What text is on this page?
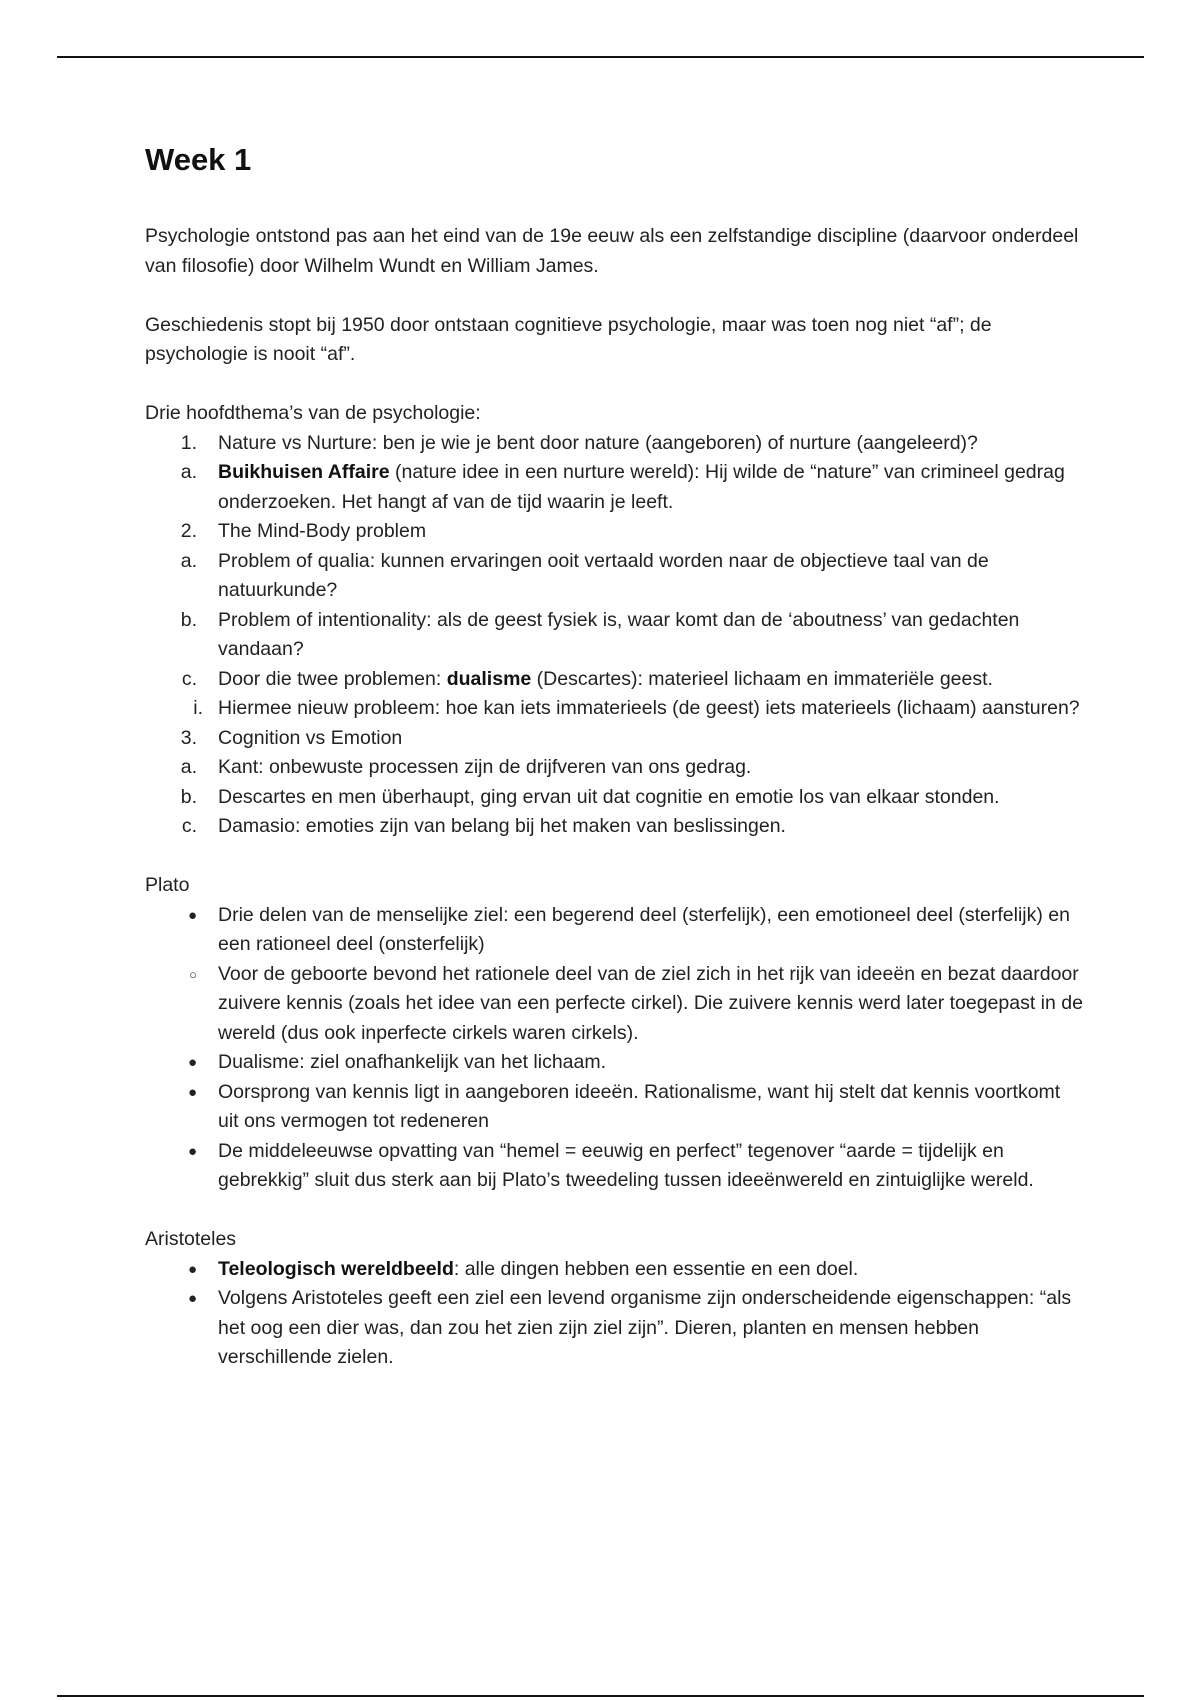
Week 1

Psychologie ontstond pas aan het eind van de 19e eeuw als een zelfstandige discipline (daarvoor onderdeel van filosofie) door Wilhelm Wundt en William James.

Geschiedenis stopt bij 1950 door ontstaan cognitieve psychologie, maar was toen nog niet “af”; de psychologie is nooit “af”.

Drie hoofdthema’s van de psychologie:
1. Nature vs Nurture: ben je wie je bent door nature (aangeboren) of nurture (aangeleerd)?
a. Buikhuisen Affaire (nature idee in een nurture wereld): Hij wilde de “nature” van crimineel gedrag onderzoeken. Het hangt af van de tijd waarin je leeft.
2. The Mind-Body problem
a. Problem of qualia: kunnen ervaringen ooit vertaald worden naar de objectieve taal van de natuurkunde?
b. Problem of intentionality: als de geest fysiek is, waar komt dan de ‘aboutness’ van gedachten vandaan?
c. Door die twee problemen: dualisme (Descartes): materieel lichaam en immateriële geest.
i. Hiermee nieuw probleem: hoe kan iets immaterieels (de geest) iets materieels (lichaam) aansturen?
3. Cognition vs Emotion
a. Kant: onbewuste processen zijn de drijfveren van ons gedrag.
b. Descartes en men überhaupt, ging ervan uit dat cognitie en emotie los van elkaar stonden.
c. Damasio: emoties zijn van belang bij het maken van beslissingen.
Plato
● Drie delen van de menselijke ziel: een begerend deel (sterfelijk), een emotioneel deel (sterfelijk) en een rationeel deel (onsterfelijk)
○ Voor de geboorte bevond het rationele deel van de ziel zich in het rijk van ideeën en bezat daardoor zuivere kennis (zoals het idee van een perfecte cirkel). Die zuivere kennis werd later toegepast in de wereld (dus ook inperfecte cirkels waren cirkels).
● Dualisme: ziel onafhankelijk van het lichaam.
● Oorsprong van kennis ligt in aangeboren ideeën. Rationalisme, want hij stelt dat kennis voortkomt uit ons vermogen tot redeneren
● De middeleeuwse opvatting van “hemel = eeuwig en perfect” tegenover “aarde = tijdelijk en gebrekkig” sluit dus sterk aan bij Plato’s tweedeling tussen ideeënwereld en zintuiglijke wereld.
Aristoteles
● Teleologisch wereldbeeld: alle dingen hebben een essentie en een doel.
● Volgens Aristoteles geeft een ziel een levend organisme zijn onderscheidende eigenschappen: “als het oog een dier was, dan zou het zien zijn ziel zijn”. Dieren, planten en mensen hebben verschillende zielen.
